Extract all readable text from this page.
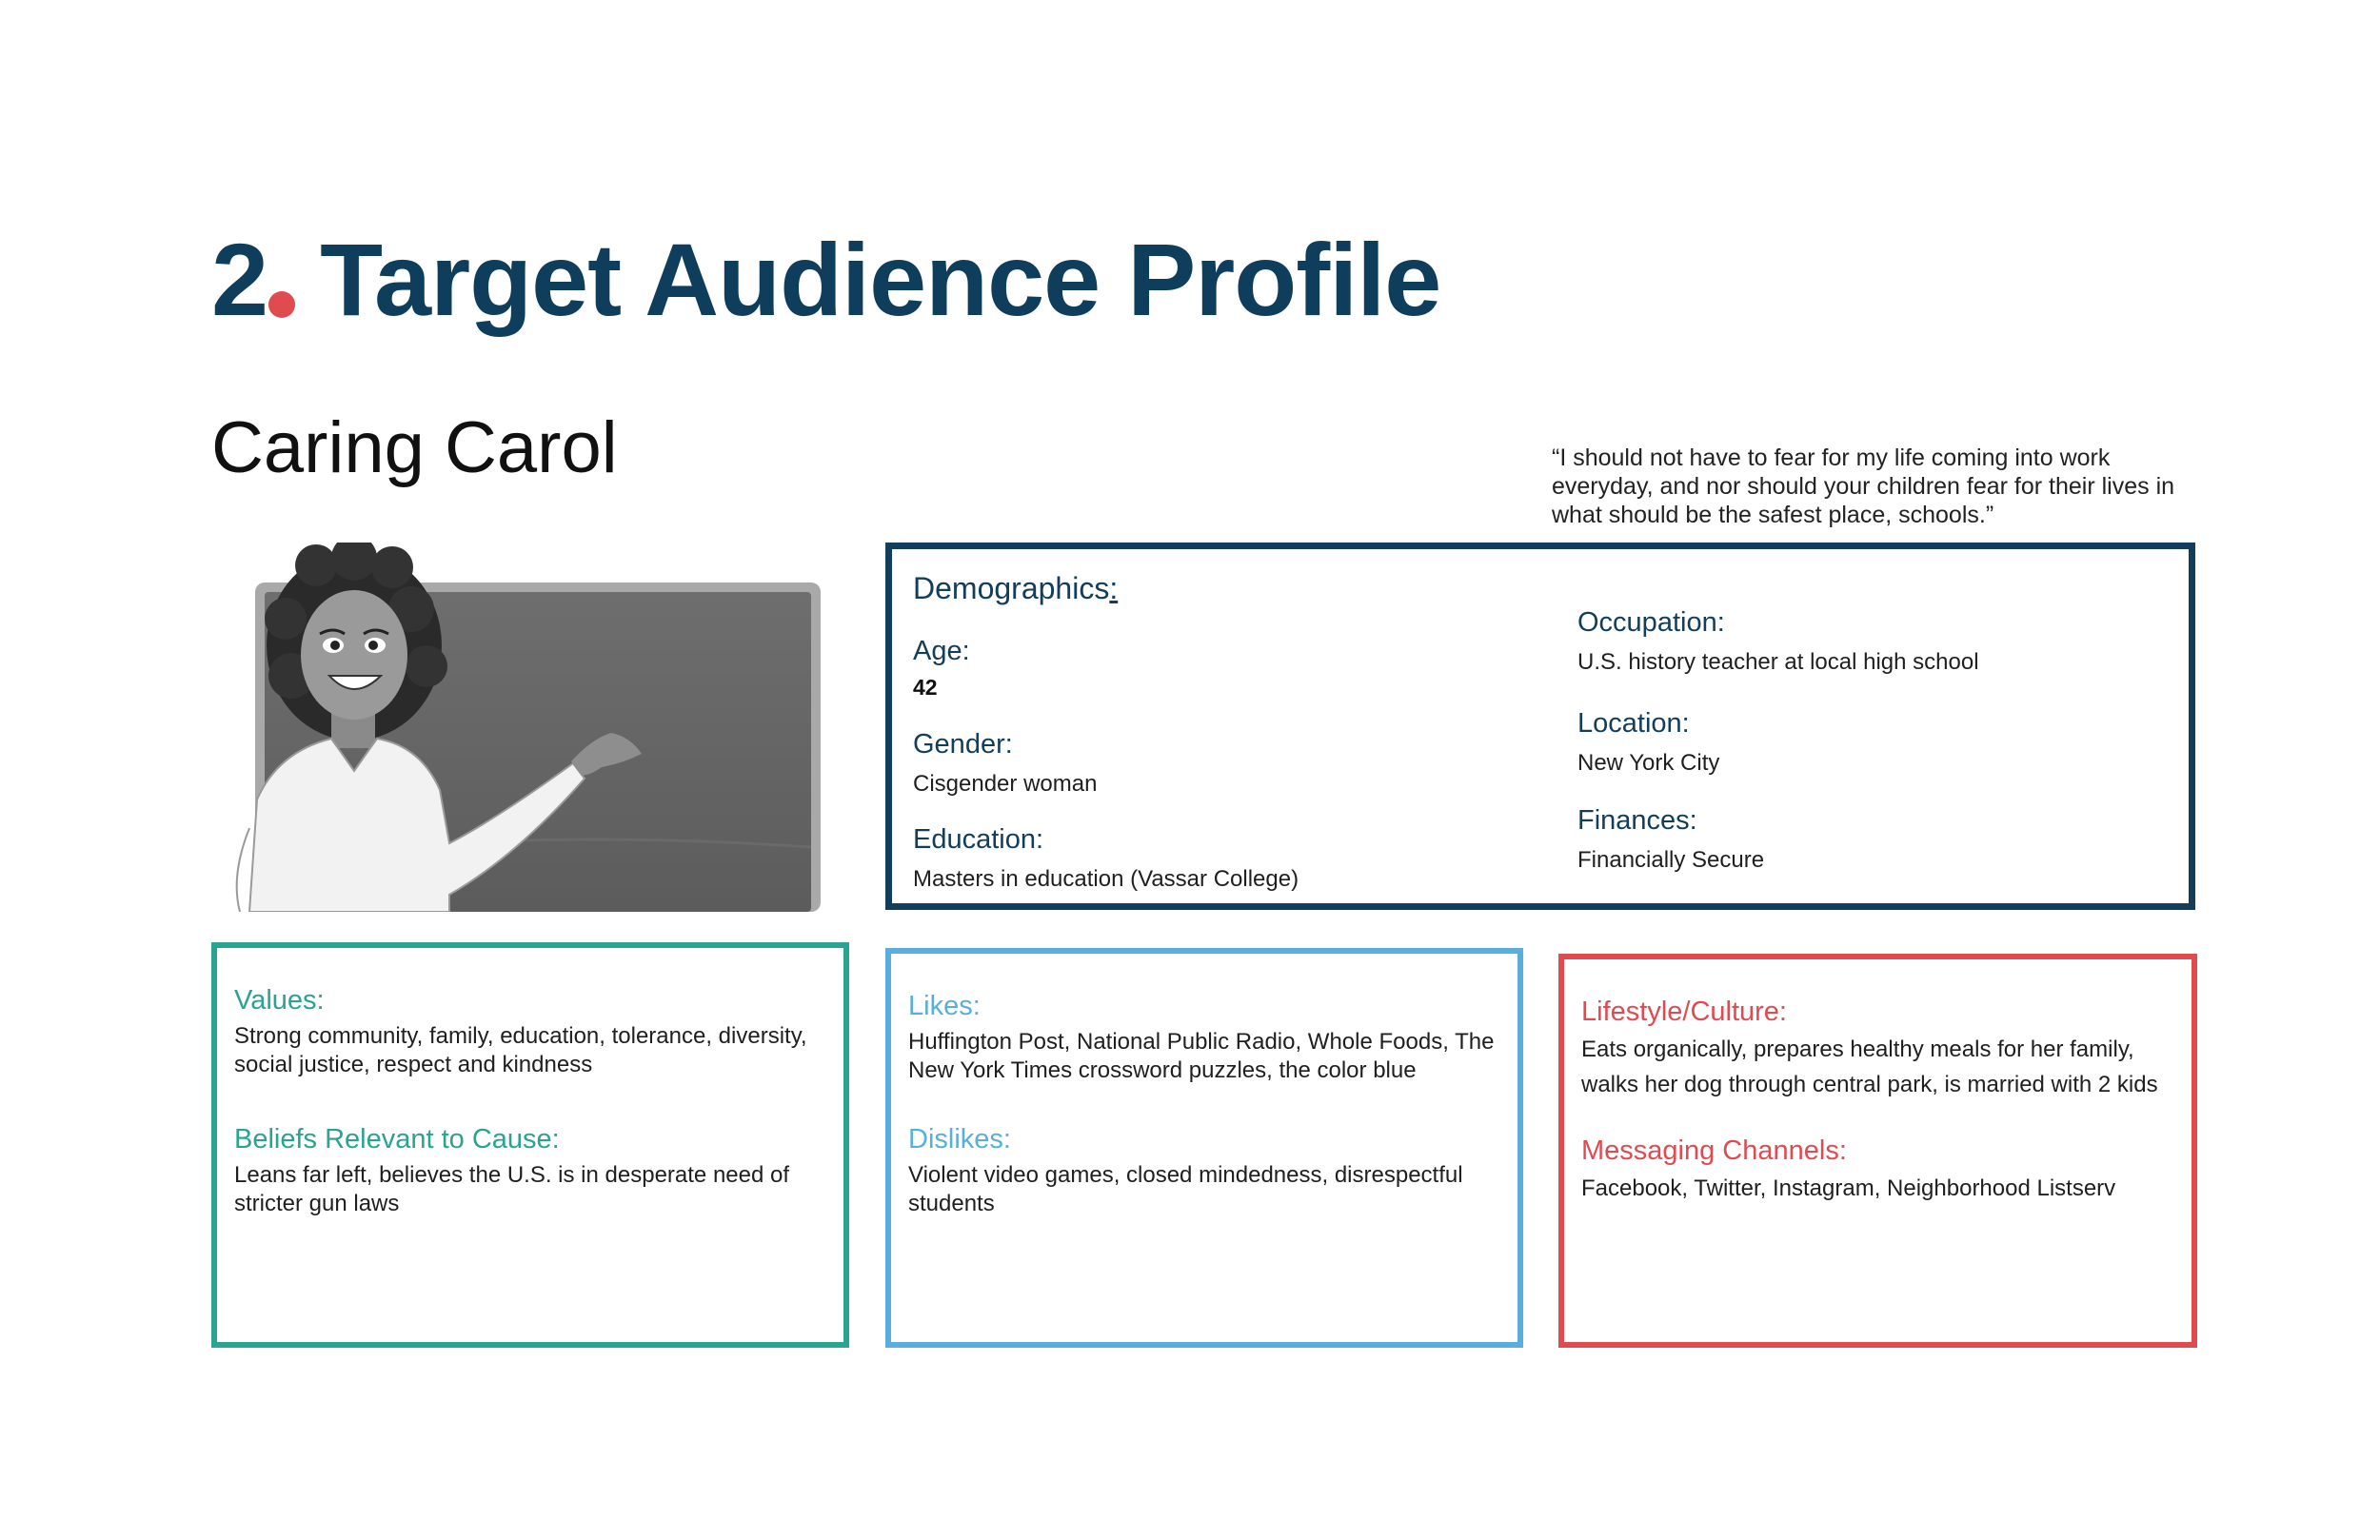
2 Target Audience Profile
Caring Carol	“I should not have to fear for my life coming into work everyday, and nor should your children fear for their lives in what should be the safest place, schools.”
Demographics:
Age:
42
Gender:
Cisgender woman
Education:
Masters in education (Vassar College)
Occupation:
U.S. history teacher at local high school
Location:
New York City
Finances:
Financially Secure
Values:
Strong community, family, education, tolerance, diversity, social justice, respect and kindness
Beliefs Relevant to Cause:
Leans far left, believes the U.S. is in desperate need of stricter gun laws
Likes:
Huffington Post, National Public Radio, Whole Foods, The New York Times crossword puzzles, the color blue
Dislikes:
Violent video games, closed mindedness, disrespectful students
Lifestyle/Culture:
Eats organically, prepares healthy meals for her family, walks her dog through central park, is married with 2 kids
Messaging Channels:
Facebook, Twitter, Instagram, Neighborhood Listserv
